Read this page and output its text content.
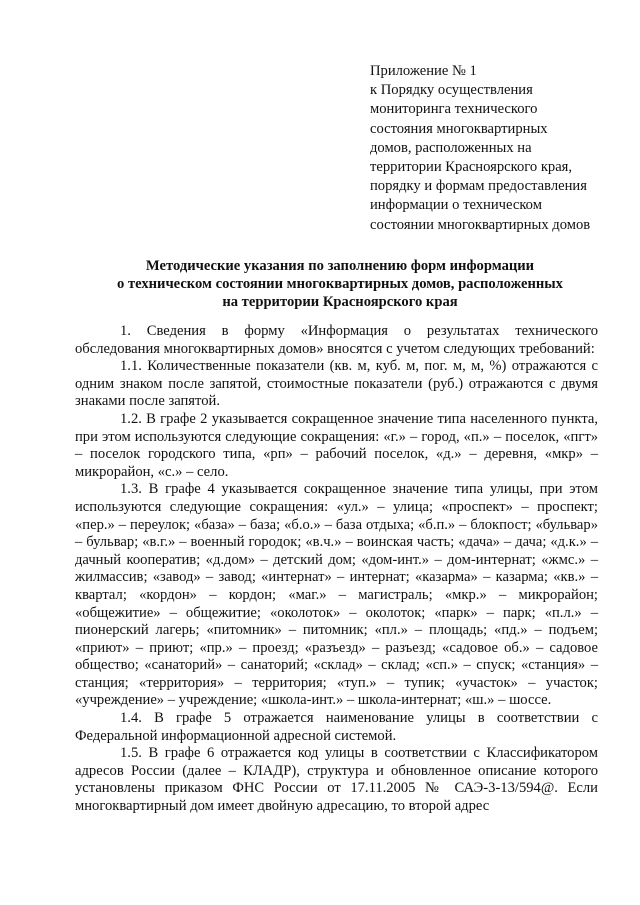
Приложение № 1
к Порядку осуществления
мониторинга технического
состояния многоквартирных
домов, расположенных на
территории Красноярского края,
порядку и формам предоставления
информации о техническом
состоянии многоквартирных домов
Методические указания по заполнению форм информации
о техническом состоянии многоквартирных домов, расположенных
на территории Красноярского края

1. Сведения в форму «Информация о результатах технического обследования многоквартирных домов» вносятся с учетом следующих требований:

1.1. Количественные показатели (кв. м, куб. м, пог. м, м, %) отражаются с одним знаком после запятой, стоимостные показатели (руб.) отражаются с двумя знаками после запятой.

1.2. В графе 2 указывается сокращенное значение типа населенного пункта, при этом используются следующие сокращения: «г.» – город, «п.» – поселок, «пгт» – поселок городского типа, «рп» – рабочий поселок, «д.» – деревня, «мкр» – микрорайон, «с.» – село.

1.3. В графе 4 указывается сокращенное значение типа улицы, при этом используются следующие сокращения: «ул.» – улица; «проспект» – проспект; «пер.» – переулок; «база» – база; «б.о.» – база отдыха; «б.п.» – блокпост; «бульвар» – бульвар; «в.г.» – военный городок; «в.ч.» – воинская часть; «дача» – дача; «д.к.» – дачный кооператив; «д.дом» – детский дом; «дом-инт.» – дом-интернат; «жмс.» – жилмассив; «завод» – завод; «интернат» – интернат; «казарма» – казарма; «кв.» – квартал; «кордон» – кордон; «маг.» – магистраль; «мкр.» – микрорайон; «общежитие» – общежитие; «околоток» – околоток; «парк» – парк; «п.л.» – пионерский лагерь; «питомник» – питомник; «пл.» – площадь; «пд.» – подъем; «приют» – приют; «пр.» – проезд; «разъезд» – разъезд; «садовое об.» – садовое общество; «санаторий» – санаторий; «склад» – склад; «сп.» – спуск; «станция» – станция; «территория» – территория; «туп.» – тупик; «участок» – участок; «учреждение» – учреждение; «школа-инт.» – школа-интернат; «ш.» – шоссе.

1.4. В графе 5 отражается наименование улицы в соответствии с Федеральной информационной адресной системой.

1.5. В графе 6 отражается код улицы в соответствии с Классификатором адресов России (далее – КЛАДР), структура и обновленное описание которого установлены приказом ФНС России от 17.11.2005 № САЭ-3-13/594@. Если многоквартирный дом имеет двойную адресацию, то второй адрес
